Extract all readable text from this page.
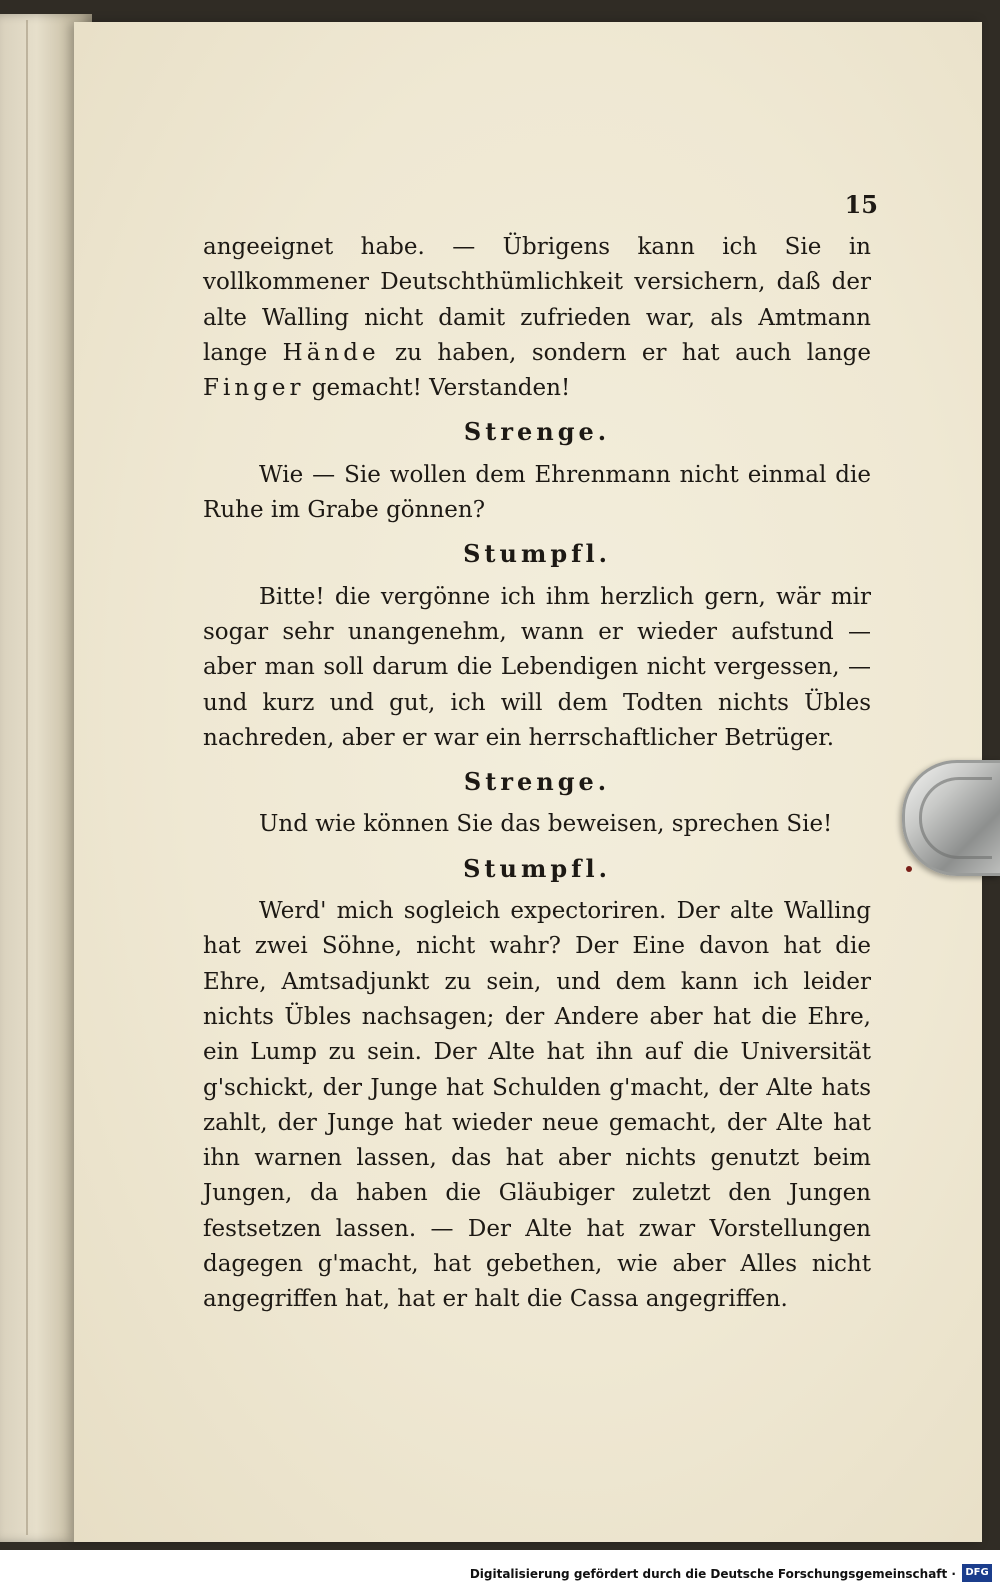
15

angeeignet habe. — Übrigens kann ich Sie in vollkommener Deutschthümlichkeit versichern, daß der alte Walling nicht damit zufrieden war, als Amtmann lange Hände zu haben, sondern er hat auch lange Finger gemacht! Verstanden!

Strenge.

Wie — Sie wollen dem Ehrenmann nicht einmal die Ruhe im Grabe gönnen?

Stumpfl.

Bitte! die vergönne ich ihm herzlich gern, wär mir sogar sehr unangenehm, wann er wieder aufstund — aber man soll darum die Lebendigen nicht vergessen, — und kurz und gut, ich will dem Todten nichts Übles nachreden, aber er war ein herrschaftlicher Betrüger.

Strenge.

Und wie können Sie das beweisen, sprechen Sie!

Stumpfl.

Werd' mich sogleich expectoriren. Der alte Walling hat zwei Söhne, nicht wahr? Der Eine davon hat die Ehre, Amtsadjunkt zu sein, und dem kann ich leider nichts Übles nachsagen; der Andere aber hat die Ehre, ein Lump zu sein. Der Alte hat ihn auf die Universität g'schickt, der Junge hat Schulden g'macht, der Alte hats zahlt, der Junge hat wieder neue gemacht, der Alte hat ihn warnen lassen, das hat aber nichts genutzt beim Jungen, da haben die Gläubiger zuletzt den Jungen festsetzen lassen. — Der Alte hat zwar Vorstellungen dagegen g'macht, hat gebethen, wie aber Alles nicht angegriffen hat, hat er halt die Cassa angegriffen.

Digitalisierung gefördert durch die Deutsche Forschungsgemeinschaft · DFG
